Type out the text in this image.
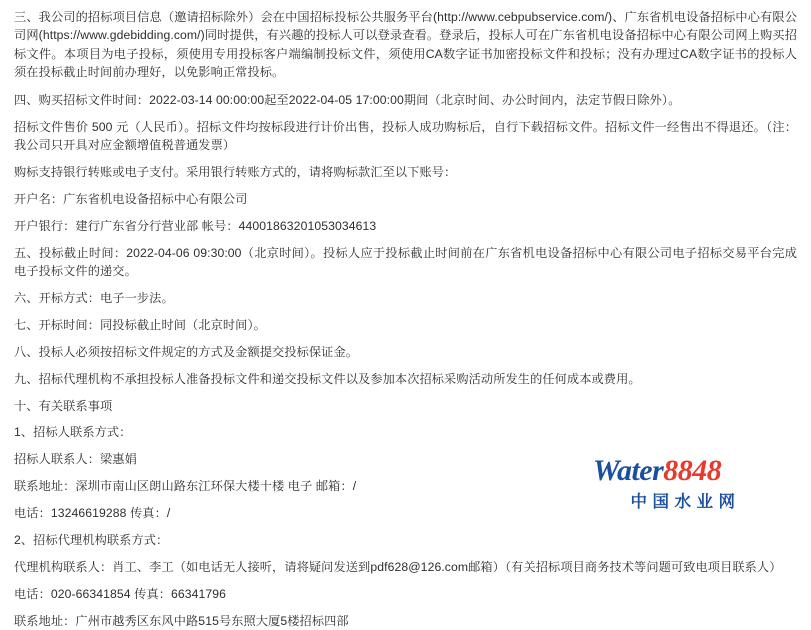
三、我公司的招标项目信息（邀请招标除外）会在中国招标投标公共服务平台(http://www.cebpubservice.com/)、广东省机电设备招标中心有限公司网(https://www.gdebidding.com/)同时提供，有兴趣的投标人可以登录查看。登录后，投标人可在广东省机电设备招标中心有限公司网上购买招标文件。本项目为电子投标，须使用专用投标客户端编制投标文件，须使用CA数字证书加密投标文件和投标；没有办理过CA数字证书的投标人须在投标截止时间前办理好，以免影响正常投标。

四、购买招标文件时间：2022-03-14 00:00:00起至2022-04-05 17:00:00期间（北京时间、办公时间内，法定节假日除外）。

招标文件售价 500 元（人民币）。招标文件均按标段进行计价出售，投标人成功购标后，自行下载招标文件。招标文件一经售出不得退还。（注：我公司只开具对应金额增值税普通发票）

购标支持银行转账或电子支付。采用银行转账方式的，请将购标款汇至以下账号：

开户名：广东省机电设备招标中心有限公司

开户银行：建行广东省分行营业部 帐号：44001863201053034613

五、投标截止时间：2022-04-06 09:30:00（北京时间）。投标人应于投标截止时间前在广东省机电设备招标中心有限公司电子招标交易平台完成电子投标文件的递交。

六、开标方式：电子一步法。

七、开标时间：同投标截止时间（北京时间）。

八、投标人必须按招标文件规定的方式及金额提交投标保证金。

九、招标代理机构不承担投标人准备投标文件和递交投标文件以及参加本次招标采购活动所发生的任何成本或费用。

十、有关联系事项

1、招标人联系方式：

招标人联系人：梁惠娟

联系地址：深圳市南山区朗山路东江环保大楼十楼 电子 邮箱：/

电话：13246619288 传真：/

2、招标代理机构联系方式：

代理机构联系人：肖工、李工（如电话无人接听，请将疑问发送到pdf628@126.com邮箱）（有关招标项目商务技术等问题可致电项目联系人）

电话：020-66341854 传真：66341796

联系地址：广州市越秀区东风中路515号东照大厦5楼招标四部

Water 8848
中国水业网
